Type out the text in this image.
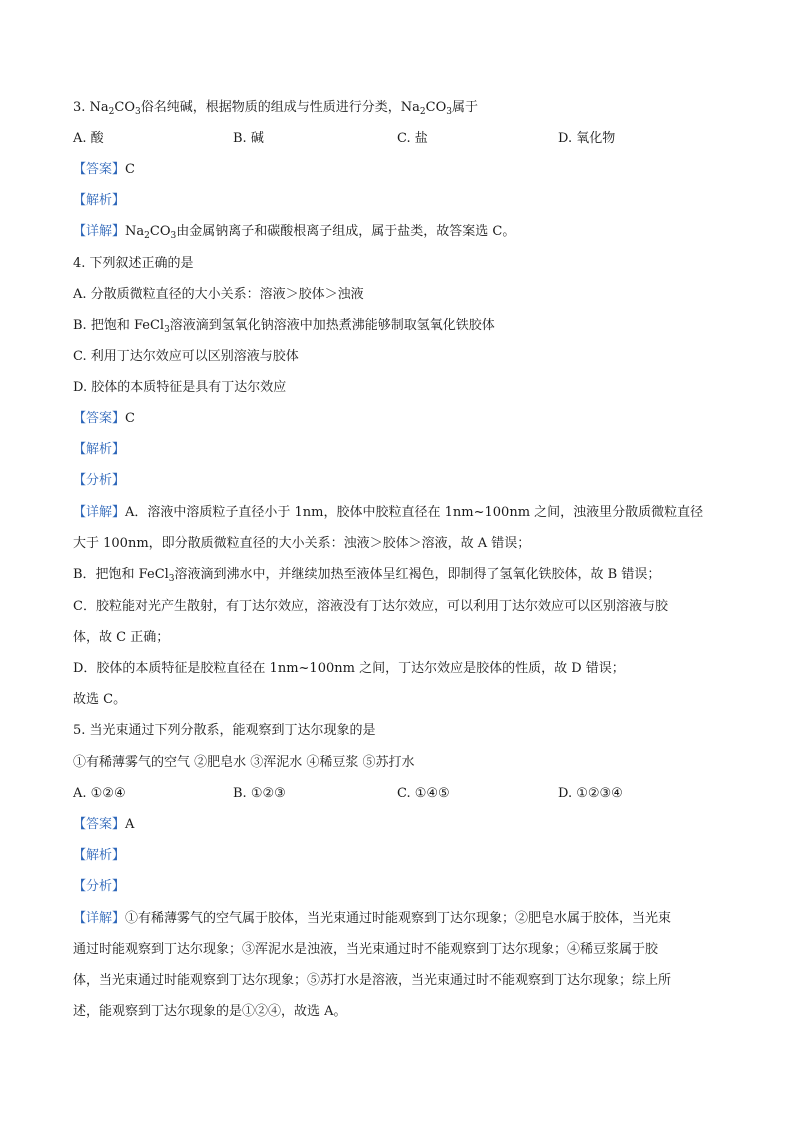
3. $Na_2CO_3$俗名纯碱，根据物质的组成与性质进行分类，$Na_2CO_3$属于
A. 酸	B. 碱	C. 盐	D. 氧化物
【答案】C
【解析】
【详解】$Na_2CO_3$由金属钠离子和碳酸根离子组成，属于盐类，故答案选 C。
4. 下列叙述正确的是
A. 分散质微粒直径的大小关系：溶液＞胶体＞浊液
B. 把饱和 FeCl$_3$溶液滴到氢氧化钠溶液中加热煮沸能够制取氢氧化铁胶体
C. 利用丁达尔效应可以区别溶液与胶体
D. 胶体的本质特征是具有丁达尔效应
【答案】C
【解析】
【分析】
【详解】A．溶液中溶质粒子直径小于 1nm，胶体中胶粒直径在 1nm~100nm 之间，浊液里分散质微粒直径
大于 100nm，即分散质微粒直径的大小关系：浊液＞胶体＞溶液，故 A 错误；
B．把饱和 FeCl$_3$溶液滴到沸水中，并继续加热至液体呈红褐色，即制得了氢氧化铁胶体，故 B 错误；
C．胶粒能对光产生散射，有丁达尔效应，溶液没有丁达尔效应，可以利用丁达尔效应可以区别溶液与胶
体，故 C 正确；
D．胶体的本质特征是胶粒直径在 1nm~100nm 之间，丁达尔效应是胶体的性质，故 D 错误；
故选 C。
5. 当光束通过下列分散系，能观察到丁达尔现象的是
①有稀薄雾气的空气 ②肥皂水 ③浑泥水 ④稀豆浆 ⑤苏打水
A. ①②④	B. ①②③	C. ①④⑤	D. ①②③④
【答案】A
【解析】
【分析】
【详解】①有稀薄雾气的空气属于胶体，当光束通过时能观察到丁达尔现象；②肥皂水属于胶体，当光束
通过时能观察到丁达尔现象；③浑泥水是浊液，当光束通过时不能观察到丁达尔现象；④稀豆浆属于胶
体，当光束通过时能观察到丁达尔现象；⑤苏打水是溶液，当光束通过时不能观察到丁达尔现象；综上所
述，能观察到丁达尔现象的是①②④，故选 A。
